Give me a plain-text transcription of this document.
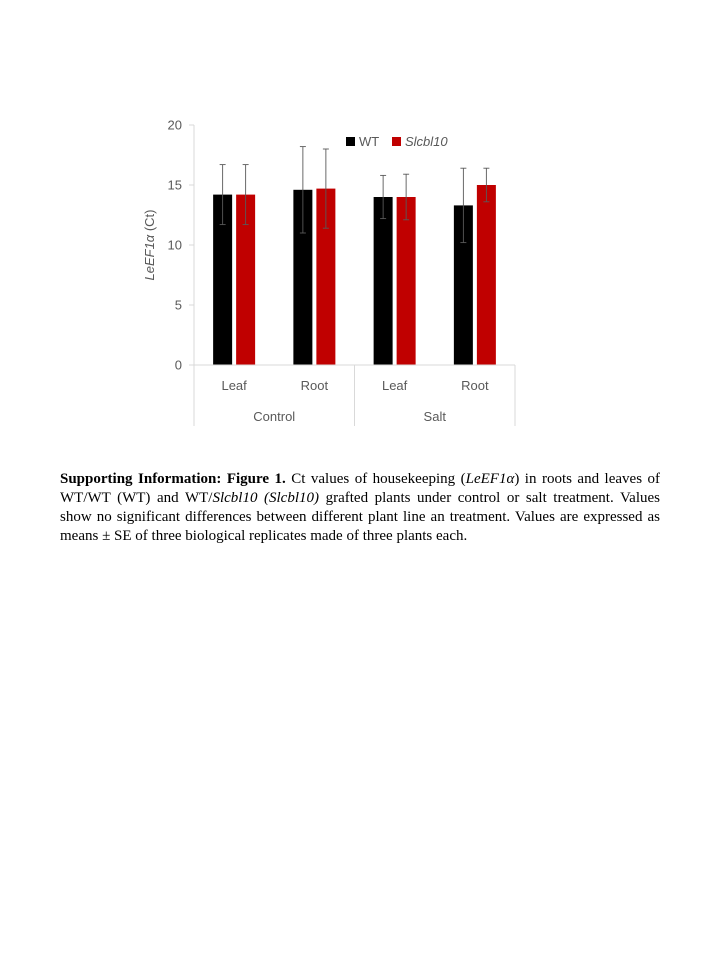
0
5
10
15
20
LeEF1α (Ct)
Leaf	Root	Leaf	Root
Control	Salt
WT Slcbl10
Supporting Information: Figure 1. Ct values of housekeeping (LeEF1α) in roots and leaves of WT/WT (WT) and WT/Slcbl10 (Slcbl10) grafted plants under control or salt treatment. Values show no significant differences between different plant line an treatment. Values are expressed as means ± SE of three biological replicates made of three plants each.
